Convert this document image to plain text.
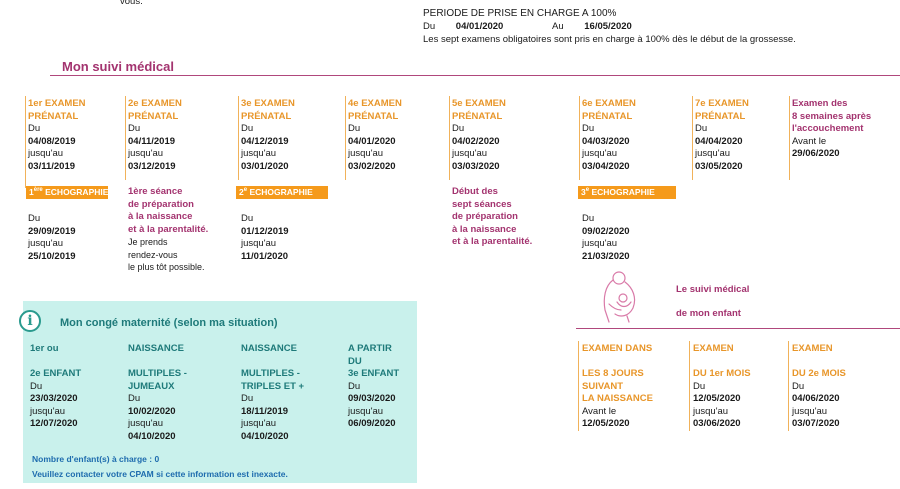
vous.
PERIODE DE PRISE EN CHARGE A 100%
Du 04/01/2020	Au 16/05/2020
Les sept examens obligatoires sont pris en charge à 100% dès le début de la grossesse.
Mon suivi médical
1er EXAMEN
PRÉNATAL
Du
04/08/2019
jusqu'au
03/11/2019
2e EXAMEN
PRÉNATAL
Du
04/11/2019
jusqu'au
03/12/2019
3e EXAMEN
PRÉNATAL
Du
04/12/2019
jusqu'au
03/01/2020
4e EXAMEN
PRÉNATAL
Du
04/01/2020
jusqu'au
03/02/2020
5e EXAMEN
PRÉNATAL
Du
04/02/2020
jusqu'au
03/03/2020
6e EXAMEN
PRÉNATAL
Du
04/03/2020
jusqu'au
03/04/2020
7e EXAMEN
PRÉNATAL
Du
04/04/2020
jusqu'au
03/05/2020
Examen des
8 semaines après
l'accouchement
Avant le
29/06/2020
1ère ECHOGRAPHIE
Du
29/09/2019
jusqu'au
25/10/2019
2e ECHOGRAPHIE
Du
01/12/2019
jusqu'au
11/01/2020
3e ECHOGRAPHIE
Du
09/02/2020
jusqu'au
21/03/2020
1ère séance
de préparation
à la naissance
et à la parentalité.
Je prends
rendez-vous
le plus tôt possible.
Début des
sept séances
de préparation
à la naissance
et à la parentalité.
Le suivi médical
de mon enfant
EXAMEN DANS
LES 8 JOURS
SUIVANT
LA NAISSANCE
Avant le
12/05/2020
EXAMEN
DU 1er MOIS
Du
12/05/2020
jusqu'au
03/06/2020
EXAMEN
DU 2e MOIS
Du
04/06/2020
jusqu'au
03/07/2020
i	Mon congé maternité (selon ma situation)
1er ou
2e ENFANT
Du
23/03/2020
jusqu'au
12/07/2020
NAISSANCE
MULTIPLES -
JUMEAUX
Du
10/02/2020
jusqu'au
04/10/2020
NAISSANCE
MULTIPLES -
TRIPLES ET +
Du
18/11/2019
jusqu'au
04/10/2020
A PARTIR
DU
3e ENFANT
Du
09/03/2020
jusqu'au
06/09/2020
Nombre d'enfant(s) à charge : 0
Veuillez contacter votre CPAM si cette information est inexacte.
